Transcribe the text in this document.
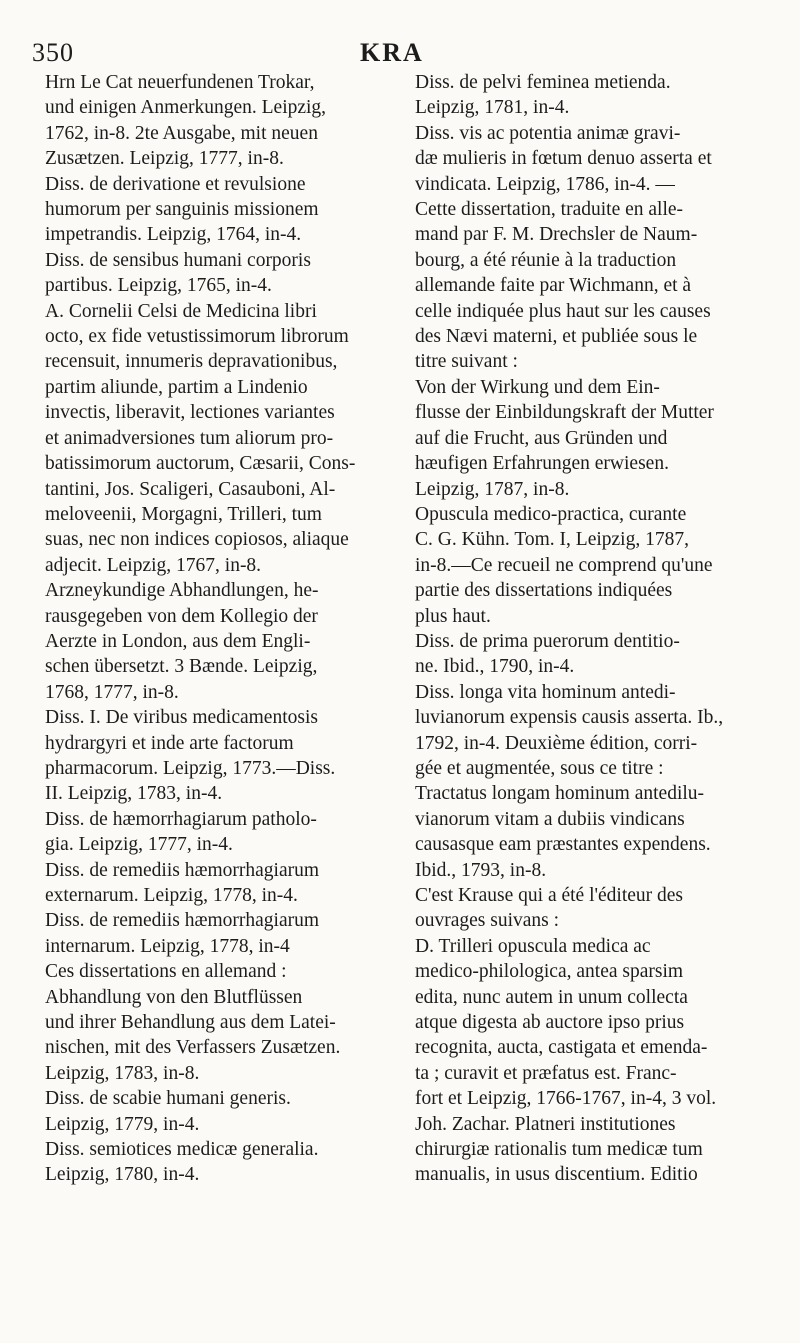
350	KRA
Hrn Le Cat neuerfundenen Trokar,
und einigen Anmerkungen. Leipzig,
1762, in-8. 2te Ausgabe, mit neuen
Zusætzen. Leipzig, 1777, in-8.
Diss. de derivatione et revulsione
humorum per sanguinis missionem
impetrandis. Leipzig, 1764, in-4.
Diss. de sensibus humani corporis
partibus. Leipzig, 1765, in-4.
A. Cornelii Celsi de Medicina libri
octo, ex fide vetustissimorum librorum
recensuit, innumeris depravationibus,
partim aliunde, partim a Lindenio
invectis, liberavit, lectiones variantes
et animadversiones tum aliorum pro-
batissimorum auctorum, Cæsarii, Cons-
tantini, Jos. Scaligeri, Casauboni, Al-
meloveenii, Morgagni, Trilleri, tum
suas, nec non indices copiosos, aliaque
adjecit. Leipzig, 1767, in-8.
Arzneykundige Abhandlungen, he-
rausgegeben von dem Kollegio der
Aerzte in London, aus dem Engli-
schen übersetzt. 3 Bænde. Leipzig,
1768, 1777, in-8.
Diss. I. De viribus medicamentosis
hydrargyri et inde arte factorum
pharmacorum. Leipzig, 1773.—Diss.
II. Leipzig, 1783, in-4.
Diss. de hæmorrhagiarum patholo-
gia. Leipzig, 1777, in-4.
Diss. de remediis hæmorrhagiarum
externarum. Leipzig, 1778, in-4.
Diss. de remediis hæmorrhagiarum
internarum. Leipzig, 1778, in-4
Ces dissertations en allemand :
Abhandlung von den Blutflüssen
und ihrer Behandlung aus dem Latei-
nischen, mit des Verfassers Zusætzen.
Leipzig, 1783, in-8.
Diss. de scabie humani generis.
Leipzig, 1779, in-4.
Diss. semiotices medicæ generalia.
Leipzig, 1780, in-4.
Diss. de pelvi feminea metienda.
Leipzig, 1781, in-4.
Diss. vis ac potentia animæ gravi-
dæ mulieris in fœtum denuo asserta et
vindicata. Leipzig, 1786, in-4. —
Cette dissertation, traduite en alle-
mand par F. M. Drechsler de Naum-
bourg, a été réunie à la traduction
allemande faite par Wichmann, et à
celle indiquée plus haut sur les causes
des Nævi materni, et publiée sous le
titre suivant :
Von der Wirkung und dem Ein-
flusse der Einbildungskraft der Mutter
auf die Frucht, aus Gründen und
hæufigen Erfahrungen erwiesen.
Leipzig, 1787, in-8.
Opuscula medico-practica, curante
C. G. Kühn. Tom. I, Leipzig, 1787,
in-8.—Ce recueil ne comprend qu'une
partie des dissertations indiquées
plus haut.
Diss. de prima puerorum dentitio-
ne. Ibid., 1790, in-4.
Diss. longa vita hominum antedi-
luvianorum expensis causis asserta. Ib.,
1792, in-4. Deuxième édition, corri-
gée et augmentée, sous ce titre :
Tractatus longam hominum antedilu-
vianorum vitam a dubiis vindicans
causasque eam præstantes expendens.
Ibid., 1793, in-8.
C'est Krause qui a été l'éditeur des
ouvrages suivans :
D. Trilleri opuscula medica ac
medico-philologica, antea sparsim
edita, nunc autem in unum collecta
atque digesta ab auctore ipso prius
recognita, aucta, castigata et emenda-
ta ; curavit et præfatus est. Franc-
fort et Leipzig, 1766-1767, in-4, 3 vol.
Joh. Zachar. Platneri institutiones
chirurgiæ rationalis tum medicæ tum
manualis, in usus discentium. Editio
